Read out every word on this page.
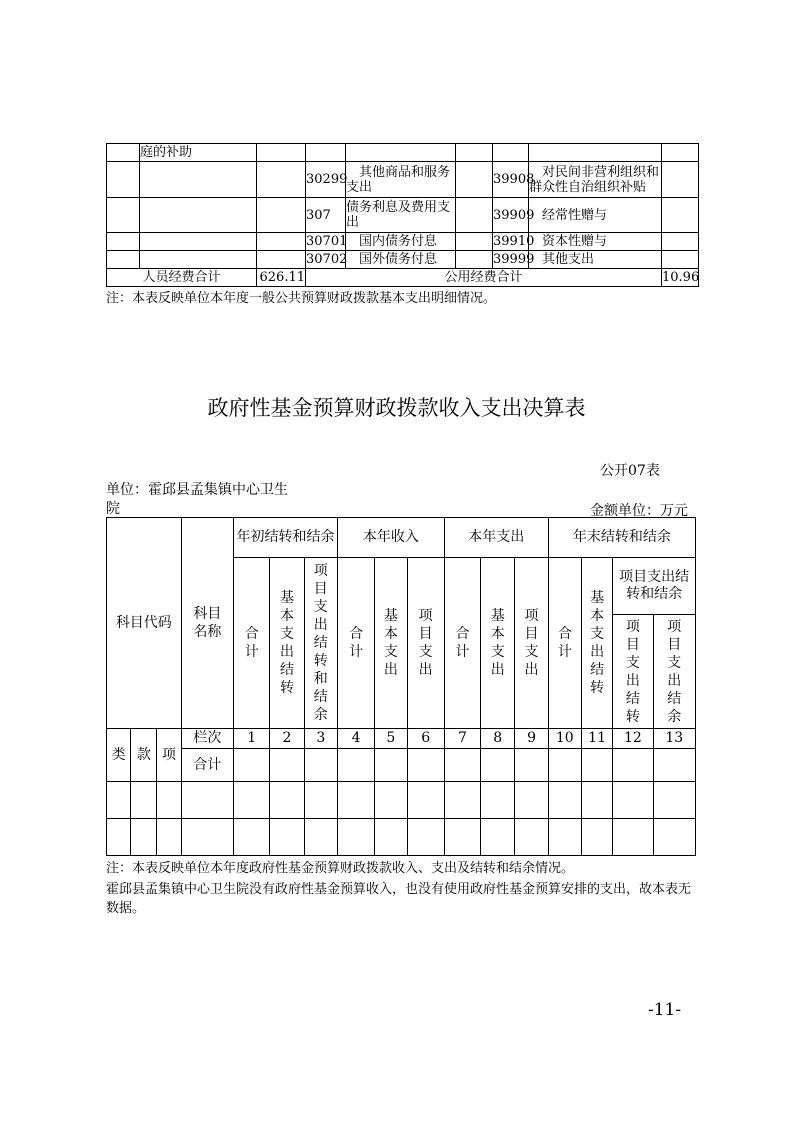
	庭的补助							
			30299	　其他商品和服务支出		39908	　对民间非营利组织和群众性自治组织补贴	
			307	债务利息及费用支出		39909	　经常性赠与	
			30701	　国内债务付息		39910	　资本性赠与	
			30702	　国外债务付息		39999	　其他支出	
人员经费合计		626.11	公用经费合计					10.96
注：本表反映单位本年度一般公共预算财政拨款基本支出明细情况。
政府性基金预算财政拨款收入支出决算表
公开07表
单位：霍邱县孟集镇中心卫生院	金额单位：万元
科目代码			科目名称	年初结转和结余			本年收入			本年支出			年末结转和结余			
				合计	基本支出结转	项目支出结转和结余	合计	基本支出	项目支出	合计	基本支出	项目支出	合计	基本支出结转	项目支出结转和结余	
															项目支出结转	项目支出结余
类	款	项	栏次	1	2	3	4	5	6	7	8	9	10	11	12	13
			合计													

注：本表反映单位本年度政府性基金预算财政拨款收入、支出及结转和结余情况。
霍邱县孟集镇中心卫生院没有政府性基金预算收入，也没有使用政府性基金预算安排的支出，故本表无数据。
-11-
